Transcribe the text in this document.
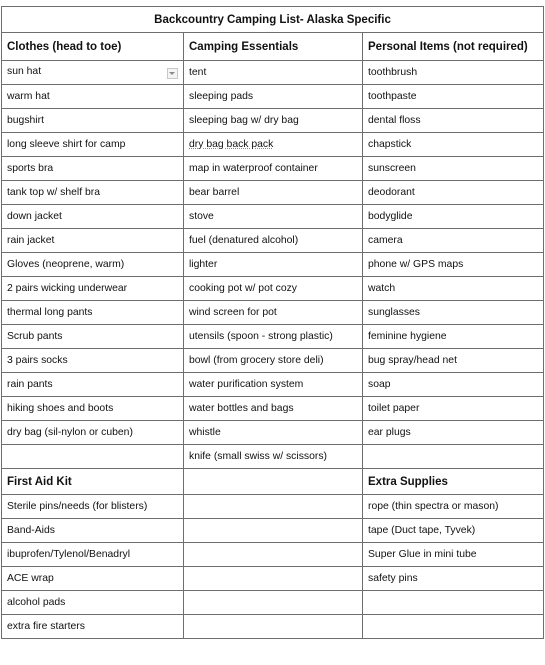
Backcountry Camping List- Alaska Specific		
Clothes (head to toe)	Camping Essentials	Personal Items (not required)

sun hat	tent	toothbrush
warm hat	sleeping pads	toothpaste
bugshirt	sleeping bag w/ dry bag	dental floss
long sleeve shirt for camp	dry bag back pack	chapstick
sports bra	map in waterproof container	sunscreen
tank top w/ shelf bra	bear barrel	deodorant
down jacket	stove	bodyglide
rain jacket	fuel (denatured alcohol)	camera
Gloves (neoprene, warm)	lighter	phone w/ GPS maps
2 pairs wicking underwear	cooking pot w/ pot cozy	watch
thermal long pants	wind screen for pot	sunglasses
Scrub pants	utensils (spoon - strong plastic)	feminine hygiene
3 pairs socks	bowl (from grocery store deli)	bug spray/head net
rain pants	water purification system	soap
hiking shoes and boots	water bottles and bags	toilet paper
dry bag (sil-nylon or cuben)	whistle	ear plugs
	knife (small swiss w/ scissors)	
First Aid Kit		Extra Supplies
Sterile pins/needs (for blisters)		rope (thin spectra or mason)
Band-Aids		tape (Duct tape, Tyvek)
ibuprofen/Tylenol/Benadryl		Super Glue in mini tube
ACE wrap		safety pins
alcohol pads		
extra fire starters		
